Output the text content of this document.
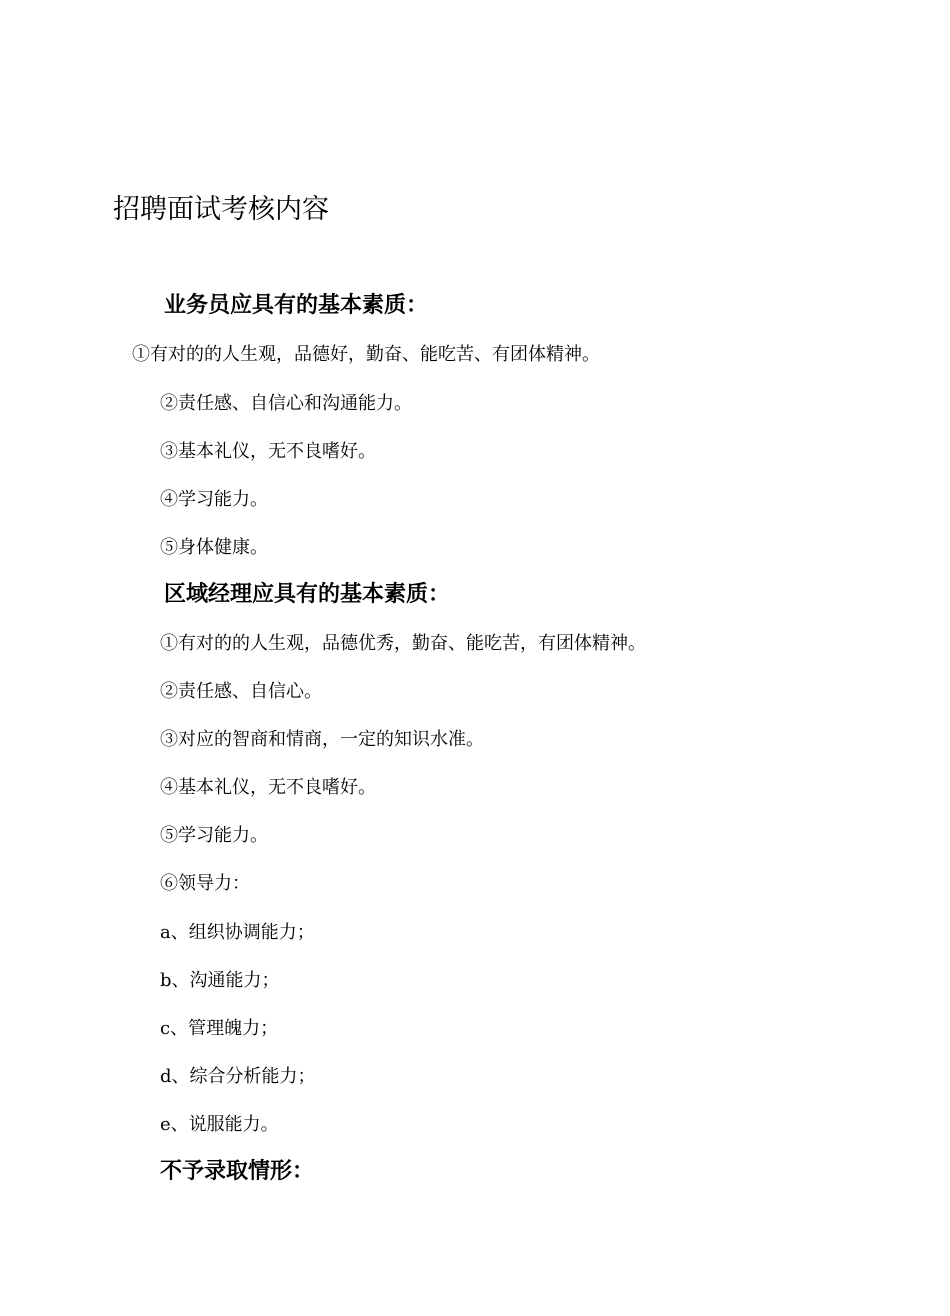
招聘面试考核内容
业务员应具有的基本素质：

①有对的的人生观，品德好，勤奋、能吃苦、有团体精神。

②责任感、自信心和沟通能力。

③基本礼仪，无不良嗜好。

④学习能力。

⑤身体健康。

区域经理应具有的基本素质：

①有对的的人生观，品德优秀，勤奋、能吃苦，有团体精神。

②责任感、自信心。

③对应的智商和情商，一定的知识水准。

④基本礼仪，无不良嗜好。

⑤学习能力。

⑥领导力：

a、组织协调能力；

b、沟通能力；

c、管理魄力；

d、综合分析能力；

e、说服能力。

不予录取情形：
